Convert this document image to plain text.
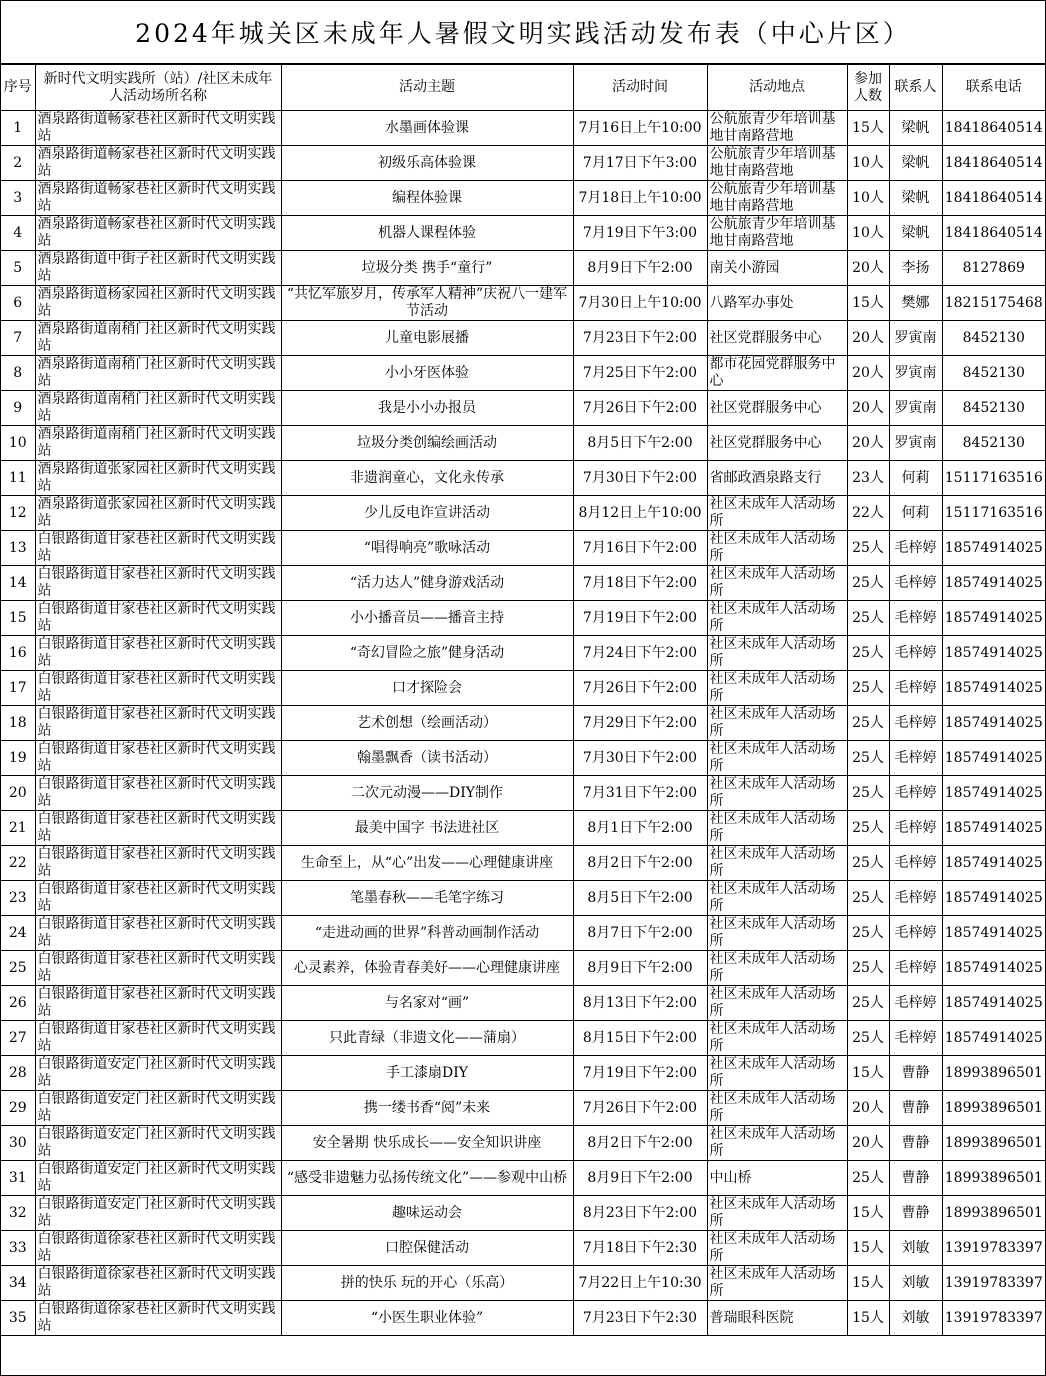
2024年城关区未成年人暑假文明实践活动发布表（中心片区）
序号	新时代文明实践所（站）/社区未成年人活动场所名称	活动主题	活动时间	活动地点	参加人数	联系人	联系电话
1	酒泉路街道畅家巷社区新时代文明实践站	水墨画体验课	7月16日上午10:00	公航旅青少年培训基地甘南路营地	15人	梁帆	18418640514
2	酒泉路街道畅家巷社区新时代文明实践站	初级乐高体验课	7月17日下午3:00	公航旅青少年培训基地甘南路营地	10人	梁帆	18418640514
3	酒泉路街道畅家巷社区新时代文明实践站	编程体验课	7月18日上午10:00	公航旅青少年培训基地甘南路营地	10人	梁帆	18418640514
4	酒泉路街道畅家巷社区新时代文明实践站	机器人课程体验	7月19日下午3:00	公航旅青少年培训基地甘南路营地	10人	梁帆	18418640514
5	酒泉路街道中街子社区新时代文明实践站	垃圾分类 携手“童行”	8月9日下午2:00	南关小游园	20人	李扬	8127869
6	酒泉路街道杨家园社区新时代文明实践站	“共忆军旅岁月，传承军人精神”庆祝八一建军节活动	7月30日上午10:00	八路军办事处	15人	樊娜	18215175468
7	酒泉路街道南稍门社区新时代文明实践站	儿童电影展播	7月23日下午2:00	社区党群服务中心	20人	罗寅南	8452130
8	酒泉路街道南稍门社区新时代文明实践站	小小牙医体验	7月25日下午2:00	都市花园党群服务中心	20人	罗寅南	8452130
9	酒泉路街道南稍门社区新时代文明实践站	我是小小办报员	7月26日下午2:00	社区党群服务中心	20人	罗寅南	8452130
10	酒泉路街道南稍门社区新时代文明实践站	垃圾分类创编绘画活动	8月5日下午2:00	社区党群服务中心	20人	罗寅南	8452130
11	酒泉路街道张家园社区新时代文明实践站	非遗润童心，文化永传承	7月30日下午2:00	省邮政酒泉路支行	23人	何莉	15117163516
12	酒泉路街道张家园社区新时代文明实践站	少儿反电诈宣讲活动	8月12日上午10:00	社区未成年人活动场所	22人	何莉	15117163516
13	白银路街道甘家巷社区新时代文明实践站	“唱得响亮”歌咏活动	7月16日下午2:00	社区未成年人活动场所	25人	毛梓婷	18574914025
14	白银路街道甘家巷社区新时代文明实践站	“活力达人”健身游戏活动	7月18日下午2:00	社区未成年人活动场所	25人	毛梓婷	18574914025
15	白银路街道甘家巷社区新时代文明实践站	小小播音员——播音主持	7月19日下午2:00	社区未成年人活动场所	25人	毛梓婷	18574914025
16	白银路街道甘家巷社区新时代文明实践站	“奇幻冒险之旅”健身活动	7月24日下午2:00	社区未成年人活动场所	25人	毛梓婷	18574914025
17	白银路街道甘家巷社区新时代文明实践站	口才探险会	7月26日下午2:00	社区未成年人活动场所	25人	毛梓婷	18574914025
18	白银路街道甘家巷社区新时代文明实践站	艺术创想（绘画活动）	7月29日下午2:00	社区未成年人活动场所	25人	毛梓婷	18574914025
19	白银路街道甘家巷社区新时代文明实践站	翰墨飘香（读书活动）	7月30日下午2:00	社区未成年人活动场所	25人	毛梓婷	18574914025
20	白银路街道甘家巷社区新时代文明实践站	二次元动漫——DIY制作	7月31日下午2:00	社区未成年人活动场所	25人	毛梓婷	18574914025
21	白银路街道甘家巷社区新时代文明实践站	最美中国字 书法进社区	8月1日下午2:00	社区未成年人活动场所	25人	毛梓婷	18574914025
22	白银路街道甘家巷社区新时代文明实践站	生命至上，从“心”出发——心理健康讲座	8月2日下午2:00	社区未成年人活动场所	25人	毛梓婷	18574914025
23	白银路街道甘家巷社区新时代文明实践站	笔墨春秋——毛笔字练习	8月5日下午2:00	社区未成年人活动场所	25人	毛梓婷	18574914025
24	白银路街道甘家巷社区新时代文明实践站	“走进动画的世界”科普动画制作活动	8月7日下午2:00	社区未成年人活动场所	25人	毛梓婷	18574914025
25	白银路街道甘家巷社区新时代文明实践站	心灵素养，体验青春美好——心理健康讲座	8月9日下午2:00	社区未成年人活动场所	25人	毛梓婷	18574914025
26	白银路街道甘家巷社区新时代文明实践站	与名家对“画”	8月13日下午2:00	社区未成年人活动场所	25人	毛梓婷	18574914025
27	白银路街道甘家巷社区新时代文明实践站	只此青绿（非遗文化——蒲扇）	8月15日下午2:00	社区未成年人活动场所	25人	毛梓婷	18574914025
28	白银路街道安定门社区新时代文明实践站	手工漆扇DIY	7月19日下午2:00	社区未成年人活动场所	15人	曹静	18993896501
29	白银路街道安定门社区新时代文明实践站	携一缕书香“阅”未来	7月26日下午2:00	社区未成年人活动场所	20人	曹静	18993896501
30	白银路街道安定门社区新时代文明实践站	安全暑期 快乐成长——安全知识讲座	8月2日下午2:00	社区未成年人活动场所	20人	曹静	18993896501
31	白银路街道安定门社区新时代文明实践站	“感受非遗魅力弘扬传统文化”——参观中山桥	8月9日下午2:00	中山桥	25人	曹静	18993896501
32	白银路街道安定门社区新时代文明实践站	趣味运动会	8月23日下午2:00	社区未成年人活动场所	15人	曹静	18993896501
33	白银路街道徐家巷社区新时代文明实践站	口腔保健活动	7月18日下午2:30	社区未成年人活动场所	15人	刘敏	13919783397
34	白银路街道徐家巷社区新时代文明实践站	拼的快乐 玩的开心（乐高）	7月22日上午10:30	社区未成年人活动场所	15人	刘敏	13919783397
35	白银路街道徐家巷社区新时代文明实践站	“小医生职业体验”	7月23日下午2:30	普瑞眼科医院	15人	刘敏	13919783397
